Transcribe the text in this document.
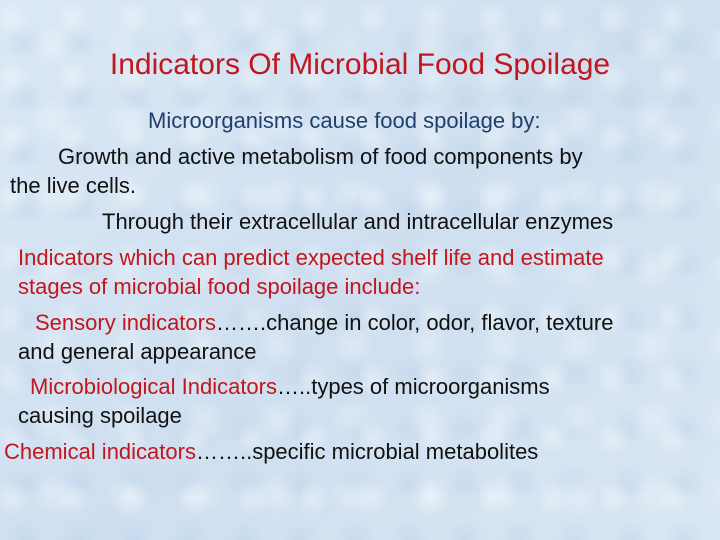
Indicators Of Microbial Food Spoilage
Microorganisms cause food spoilage by:
Growth and active metabolism of food components by
the live cells.
Through their extracellular and intracellular enzymes
Indicators which can predict expected shelf life and estimate
stages of microbial food spoilage include:
Sensory indicators…….change in color, odor, flavor, texture
and general appearance
Microbiological Indicators…..types of microorganisms
causing spoilage
Chemical indicators……..specific microbial metabolites
